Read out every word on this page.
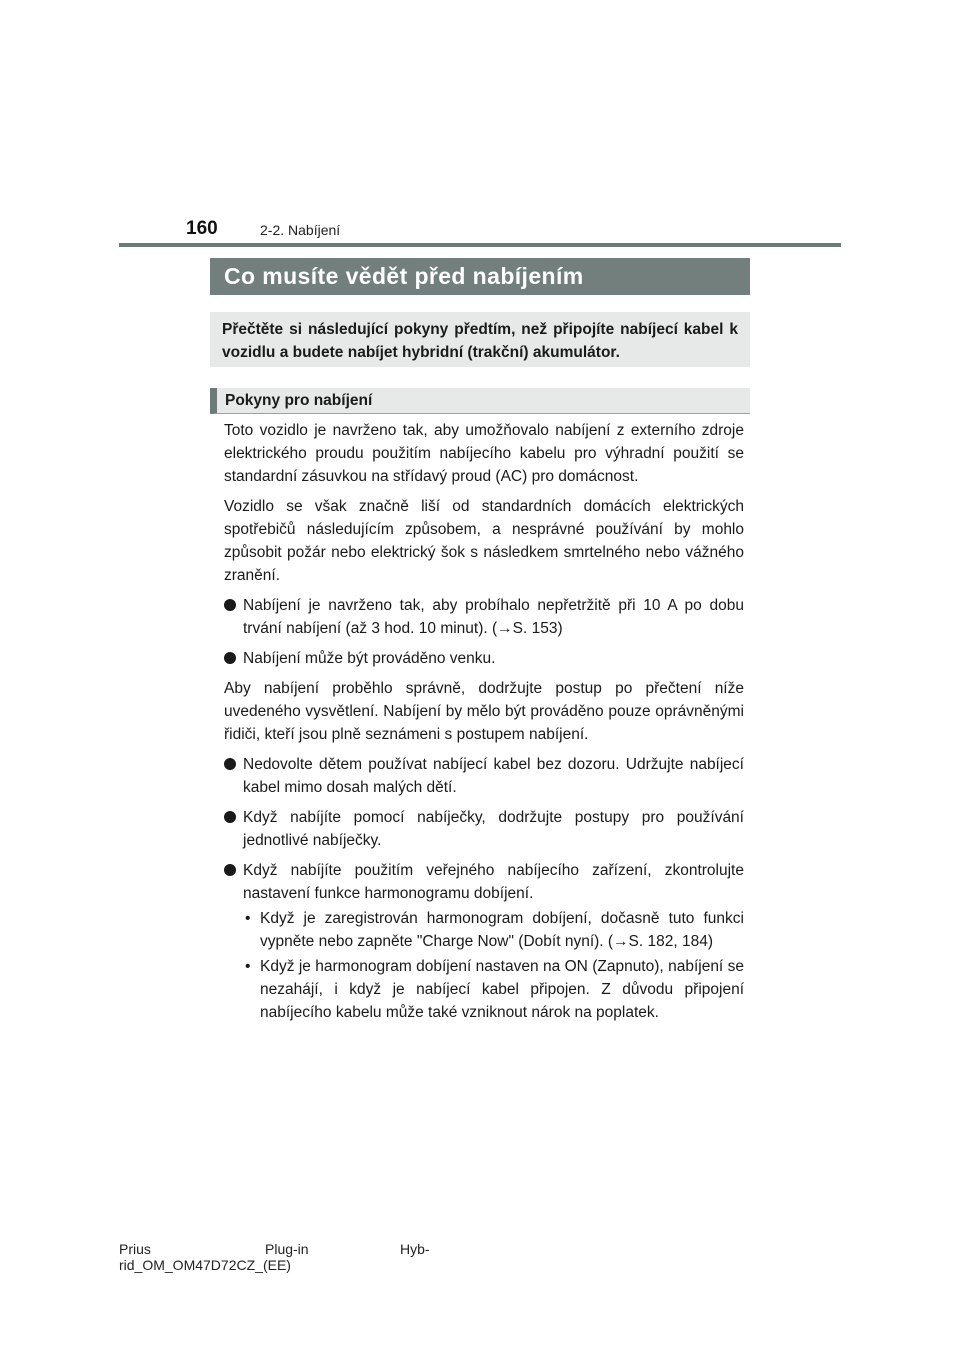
160	2-2. Nabíjení
Co musíte vědět před nabíjením
Přečtěte si následující pokyny předtím, než připojíte nabíjecí kabel k vozidlu a budete nabíjet hybridní (trakční) akumulátor.
Pokyny pro nabíjení

Toto vozidlo je navrženo tak, aby umožňovalo nabíjení z externího zdroje elektrického proudu použitím nabíjecího kabelu pro výhradní použití se standardní zásuvkou na střídavý proud (AC) pro domácnost.

Vozidlo se však značně liší od standardních domácích elektrických spotřebičů následujícím způsobem, a nesprávné používání by mohlo způsobit požár nebo elektrický šok s následkem smrtelného nebo vážného zranění.

Nabíjení je navrženo tak, aby probíhalo nepřetržitě při 10 A po dobu trvání nabíjení (až 3 hod. 10 minut). (→S. 153)
Nabíjení může být prováděno venku.

Aby nabíjení proběhlo správně, dodržujte postup po přečtení níže uvedeného vysvětlení. Nabíjení by mělo být prováděno pouze oprávněnými řidiči, kteří jsou plně seznámeni s postupem nabíjení.

Nedovolte dětem používat nabíjecí kabel bez dozoru. Udržujte nabíjecí kabel mimo dosah malých dětí.
Když nabíjíte pomocí nabíječky, dodržujte postupy pro používání jednotlivé nabíječky.
Když nabíjíte použitím veřejného nabíjecího zařízení, zkontrolujte nastavení funkce harmonogramu dobíjení.
• Když je zaregistrován harmonogram dobíjení, dočasně tuto funkci vypněte nebo zapněte "Charge Now" (Dobít nyní). (→S. 182, 184)
• Když je harmonogram dobíjení nastaven na ON (Zapnuto), nabíjení se nezahájí, i když je nabíjecí kabel připojen. Z důvodu připojení nabíjecího kabelu může také vzniknout nárok na poplatek.
Prius	Plug-in	Hyb-
rid_OM_OM47D72CZ_(EE)
